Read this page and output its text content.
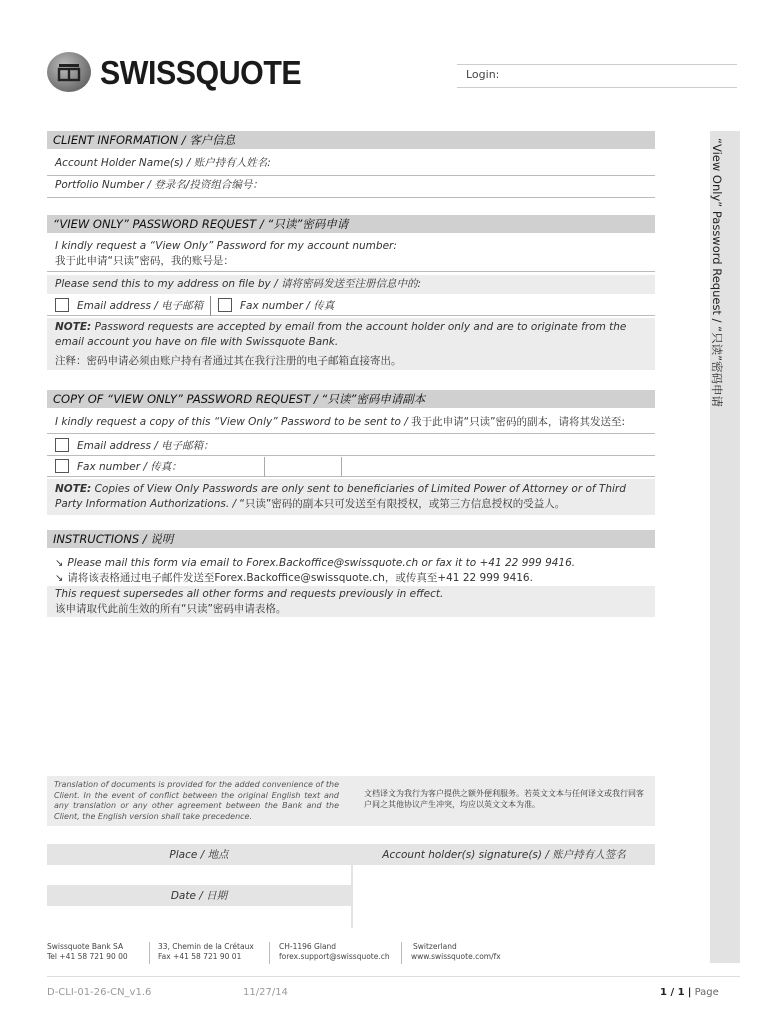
SWISSQUOTE	Login:
“View Only” Password Request / “只读”密码申请
CLIENT INFORMATION / 客户信息
Account Holder Name(s) / 账户持有人姓名:
Portfolio Number / 登录名/投资组合编号：
“VIEW ONLY” PASSWORD REQUEST / “只读”密码申请
I kindly request a “View Only” Password for my account number:
我于此申请“只读”密码，我的账号是：
Please send this to my address on file by / 请将密码发送至注册信息中的:
Email address / 电子邮箱	Fax number / 传真
NOTE: Password requests are accepted by email from the account holder only and are to originate from the email account you have on file with Swissquote Bank.
注释：密码申请必须由账户持有者通过其在我行注册的电子邮箱直接寄出。
COPY OF “VIEW ONLY” PASSWORD REQUEST / “只读”密码申请副本
I kindly request a copy of this “View Only” Password to be sent to / 我于此申请“只读”密码的副本，请将其发送至:
Email address / 电子邮箱：
Fax number / 传真：
NOTE: Copies of View Only Passwords are only sent to beneficiaries of Limited Power of Attorney or of Third Party Information Authorizations. / “只读”密码的副本只可发送至有限授权，或第三方信息授权的受益人。
INSTRUCTIONS / 说明
↘ Please mail this form via email to Forex.Backoffice@swissquote.ch or fax it to +41 22 999 9416.
↘ 请将该表格通过电子邮件发送至Forex.Backoffice@swissquote.ch，或传真至+41 22 999 9416.
This request supersedes all other forms and requests previously in effect.
该申请取代此前生效的所有“只读”密码申请表格。
Translation of documents is provided for the added convenience of the Client. In the event of conflict between the original English text and any translation or any other agreement between the Bank and the Client, the English version shall take precedence.
文档译文为我行为客户提供之额外便利服务。若英文文本与任何译文或我行同客户间之其他协议产生冲突，均应以英文文本为准。
Place / 地点
Date / 日期
Account holder(s) signature(s) / 账户持有人签名
Swissquote Bank SA
Tel +41 58 721 90 00
33, Chemin de la Crétaux
Fax +41 58 721 90 01
CH-1196 Gland
forex.support@swissquote.ch
Switzerland
www.swissquote.com/fx
D-CLI-01-26-CN_v1.6	11/27/14	1 / 1 | Page
